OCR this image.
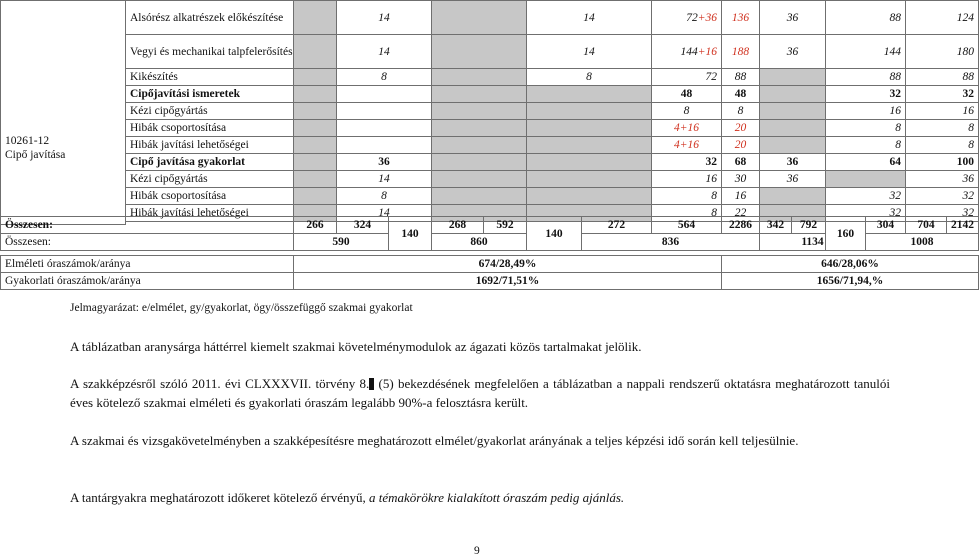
10261-12
Cipő javítása	Alsórész alkatrészek előkészítése		14		14	72+36	136	36	88	124
	Vegyi és mechanikai talpfelerősítés		14		14	144+16	188	36	144	180
	Kikészítés		8		8	72	88		88	88
	Cipőjavítási ismeretek					48	48		32	32
	Kézi cipőgyártás					8	8		16	16
	Hibák csoportosítása					4+16	20		8	8
	Hibák javítási lehetőségei					4+16	20		8	8
	Cipő javítása gyakorlat		36			32	68	36	64	100
	Kézi cipőgyártás		14			16	30	36		36
	Hibák csoportosítása		8			8	16		32	32
	Hibák javítási lehetőségei		14			8	22		32	32

Összesen:	266	324	140	268	592	140	272	564	2286	342	792	160	304	704	2142
Összesen:	590			860			836			1134			1008		

Elméleti óraszámok/aránya	674/28,49%								646/28,06%						
Gyakorlati óraszámok/aránya	1692/71,51%								1656/71,94,%						
Jelmagyarázat: e/elmélet, gy/gyakorlat, ögy/összefüggő szakmai gyakorlat

A táblázatban aranysárga háttérrel kiemelt szakmai követelménymodulok az ágazati közös tartalmakat jelölik.

A szakképzésről szóló 2011. évi CLXXXVII. törvény 8. (5) bekezdésének megfelelően a táblázatban a nappali rendszerű oktatásra meghatározott tanulói éves kötelező szakmai elméleti és gyakorlati óraszám legalább 90%-a felosztásra került.

A szakmai és vizsgakövetelményben a szakképesítésre meghatározott elmélet/gyakorlat arányának a teljes képzési idő során kell teljesülnie.

A tantárgyakra meghatározott időkeret kötelező érvényű, a témakörökre kialakított óraszám pedig ajánlás.

9
